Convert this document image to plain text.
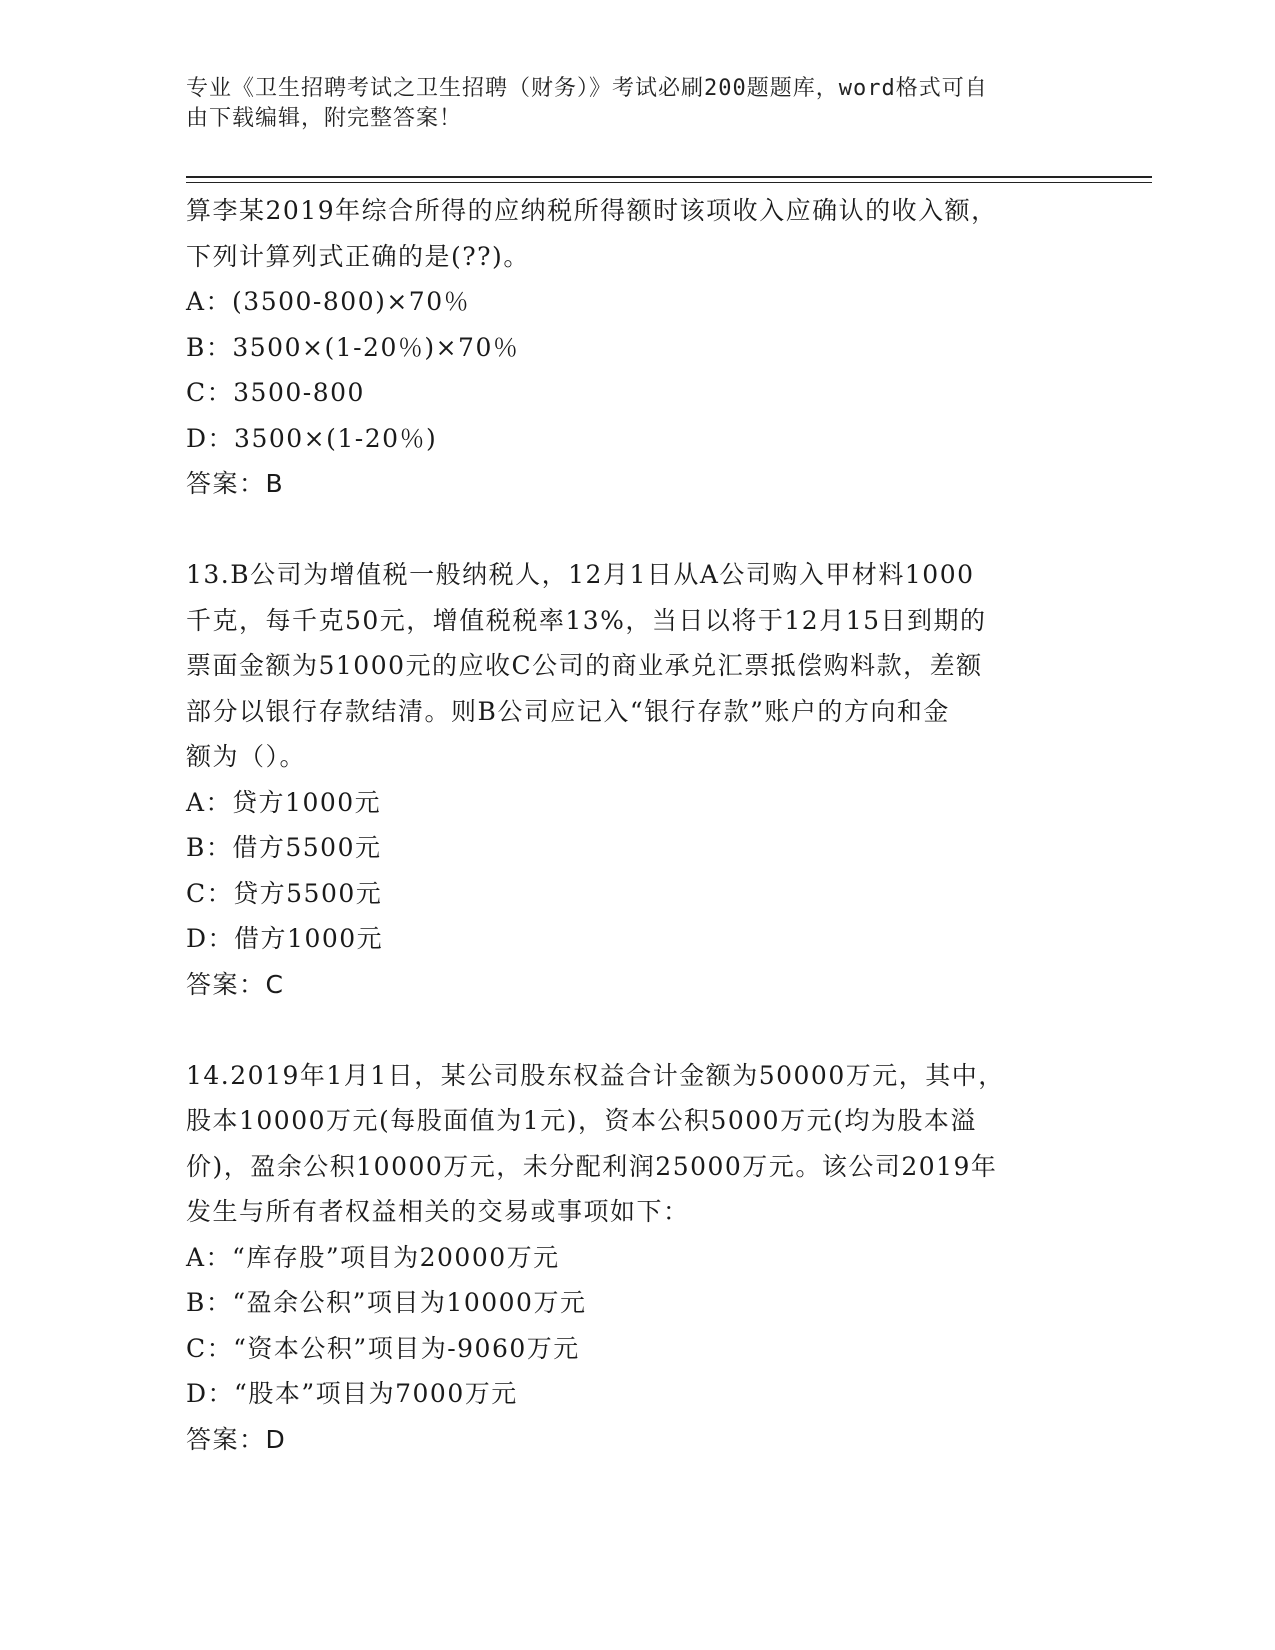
专业《卫生招聘考试之卫生招聘（财务）》考试必刷200题题库，word格式可自
由下载编辑，附完整答案！

算李某2019年综合所得的应纳税所得额时该项收入应确认的收入额，

下列计算列式正确的是(??)。

A：(3500-800)×70％

B：3500×(1-20％)×70％

C：3500-800

D：3500×(1-20％)

答案：B

13.B公司为增值税一般纳税人，12月1日从A公司购入甲材料1000

千克，每千克50元，增值税税率13%，当日以将于12月15日到期的

票面金额为51000元的应收C公司的商业承兑汇票抵偿购料款，差额

部分以银行存款结清。则B公司应记入“银行存款”账户的方向和金

额为（）。

A：贷方1000元

B：借方5500元

C：贷方5500元

D：借方1000元

答案：C

14.2019年1月1日，某公司股东权益合计金额为50000万元，其中，

股本10000万元(每股面值为1元)，资本公积5000万元(均为股本溢

价)，盈余公积10000万元，未分配利润25000万元。该公司2019年

发生与所有者权益相关的交易或事项如下：

A：“库存股”项目为20000万元

B：“盈余公积”项目为10000万元

C：“资本公积”项目为-9060万元

D：“股本”项目为7000万元

答案：D
